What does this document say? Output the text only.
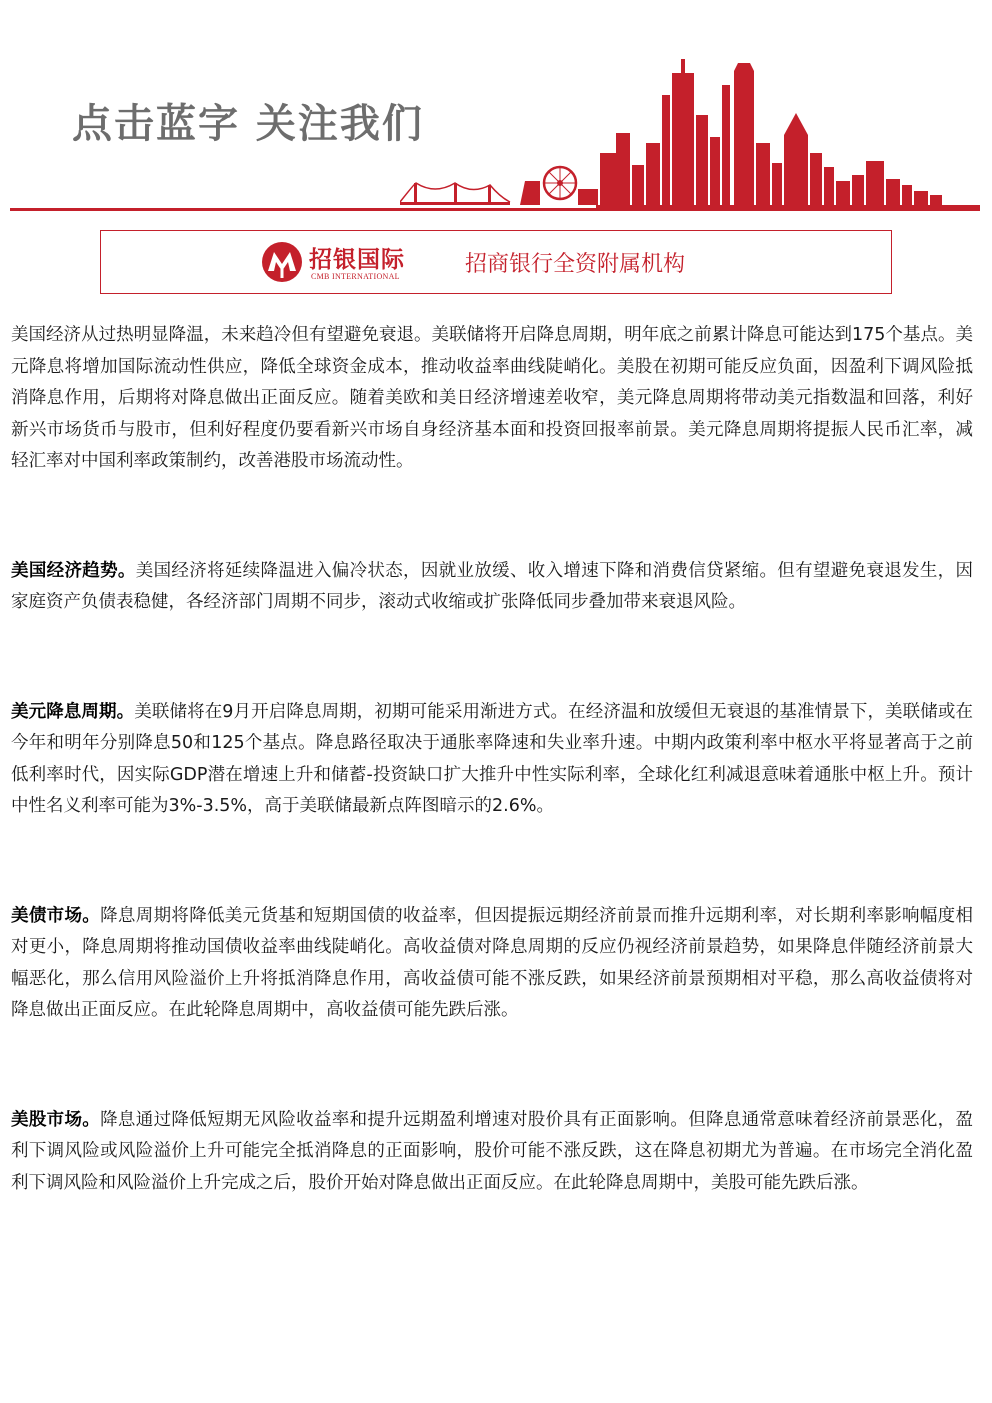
点击蓝字 关注我们
招银国际
CMB INTERNATIONAL	招商银行全资附属机构

美国经济从过热明显降温，未来趋冷但有望避免衰退。美联储将开启降息周期，明年底之前累计降息可能达到175个基点。美元降息将增加国际流动性供应，降低全球资金成本，推动收益率曲线陡峭化。美股在初期可能反应负面，因盈利下调风险抵消降息作用，后期将对降息做出正面反应。随着美欧和美日经济增速差收窄，美元降息周期将带动美元指数温和回落，利好新兴市场货币与股市，但利好程度仍要看新兴市场自身经济基本面和投资回报率前景。美元降息周期将提振人民币汇率，减轻汇率对中国利率政策制约，改善港股市场流动性。

美国经济趋势。美国经济将延续降温进入偏冷状态，因就业放缓、收入增速下降和消费信贷紧缩。但有望避免衰退发生，因家庭资产负债表稳健，各经济部门周期不同步，滚动式收缩或扩张降低同步叠加带来衰退风险。

美元降息周期。美联储将在9月开启降息周期，初期可能采用渐进方式。在经济温和放缓但无衰退的基准情景下，美联储或在今年和明年分别降息50和125个基点。降息路径取决于通胀率降速和失业率升速。中期内政策利率中枢水平将显著高于之前低利率时代，因实际GDP潜在增速上升和储蓄-投资缺口扩大推升中性实际利率，全球化红利减退意味着通胀中枢上升。预计中性名义利率可能为3%-3.5%，高于美联储最新点阵图暗示的2.6%。

美债市场。降息周期将降低美元货基和短期国债的收益率，但因提振远期经济前景而推升远期利率，对长期利率影响幅度相对更小，降息周期将推动国债收益率曲线陡峭化。高收益债对降息周期的反应仍视经济前景趋势，如果降息伴随经济前景大幅恶化，那么信用风险溢价上升将抵消降息作用，高收益债可能不涨反跌，如果经济前景预期相对平稳，那么高收益债将对降息做出正面反应。在此轮降息周期中，高收益债可能先跌后涨。

美股市场。降息通过降低短期无风险收益率和提升远期盈利增速对股价具有正面影响。但降息通常意味着经济前景恶化，盈利下调风险或风险溢价上升可能完全抵消降息的正面影响，股价可能不涨反跌，这在降息初期尤为普遍。在市场完全消化盈利下调风险和风险溢价上升完成之后，股价开始对降息做出正面反应。在此轮降息周期中，美股可能先跌后涨。
